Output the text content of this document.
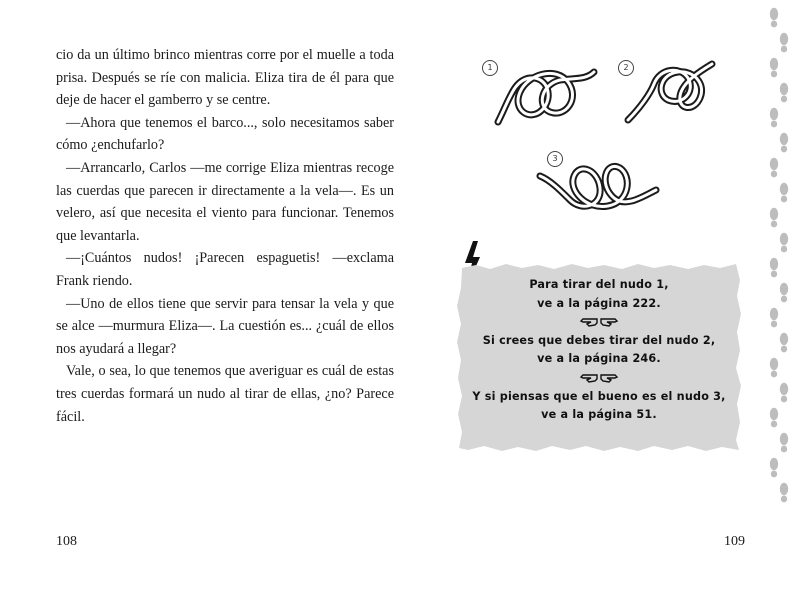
cio da un último brinco mientras corre por el muelle a toda prisa. Después se ríe con malicia. Eliza tira de él para que deje de hacer el gamberro y se centre.

—Ahora que tenemos el barco..., solo necesitamos saber cómo ¿enchufarlo?

—Arrancarlo, Carlos —me corrige Eliza mientras recoge las cuerdas que parecen ir directamente a la vela—. Es un velero, así que necesita el viento para funcionar. Tenemos que levantarla.

—¡Cuántos nudos! ¡Parecen espaguetis! —exclama Frank riendo.

—Uno de ellos tiene que servir para tensar la vela y que se alce —murmura Eliza—. La cuestión es... ¿cuál de ellos nos ayudará a llegar?

Vale, o sea, lo que tenemos que averiguar es cuál de estas tres cuerdas formará un nudo al tirar de ellas, ¿no? Parece fácil.

108
1	2
3
Para tirar del nudo 1,
ve a la página 222.
Si crees que debes tirar del nudo 2,
ve a la página 246.
Y si piensas que el bueno es el nudo 3,
ve a la página 51.
109
